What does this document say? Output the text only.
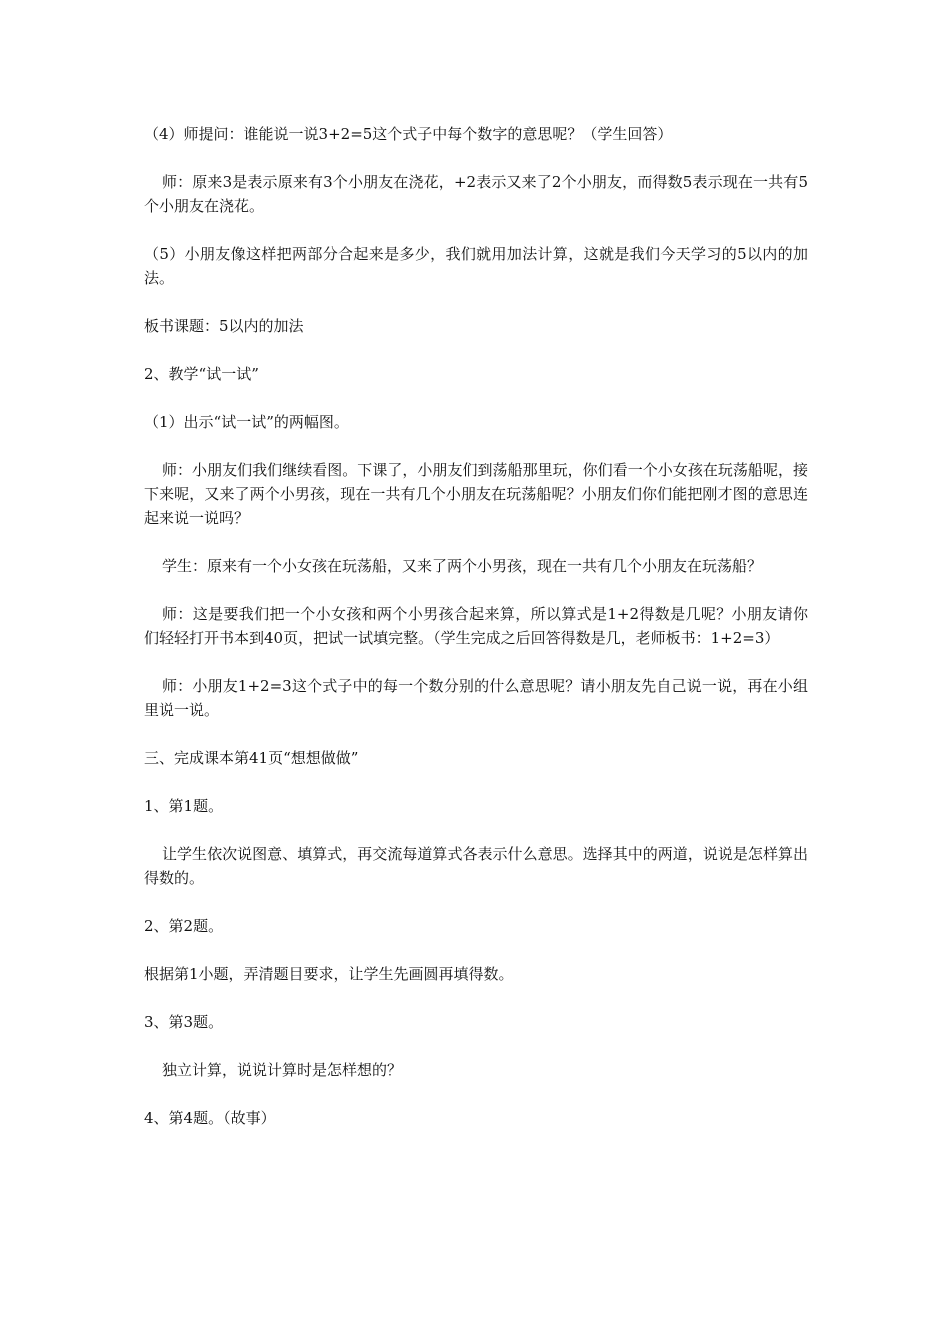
（4）师提问：谁能说一说3+2=5这个式子中每个数字的意思呢？（学生回答）

师：原来3是表示原来有3个小朋友在浇花，+2表示又来了2个小朋友，而得数5表示现在一共有5个小朋友在浇花。

（5）小朋友像这样把两部分合起来是多少，我们就用加法计算，这就是我们今天学习的5以内的加法。

板书课题：5以内的加法

2、教学“试一试”

（1）出示“试一试”的两幅图。

师：小朋友们我们继续看图。下课了，小朋友们到荡船那里玩，你们看一个小女孩在玩荡船呢，接下来呢，又来了两个小男孩，现在一共有几个小朋友在玩荡船呢？小朋友们你们能把刚才图的意思连起来说一说吗？

学生：原来有一个小女孩在玩荡船，又来了两个小男孩，现在一共有几个小朋友在玩荡船？

师：这是要我们把一个小女孩和两个小男孩合起来算，所以算式是1+2得数是几呢？小朋友请你们轻轻打开书本到40页，把试一试填完整。（学生完成之后回答得数是几，老师板书：1+2=3）

师：小朋友1+2=3这个式子中的每一个数分别的什么意思呢？请小朋友先自己说一说，再在小组里说一说。

三、完成课本第41页“想想做做”

1、第1题。

让学生依次说图意、填算式，再交流每道算式各表示什么意思。选择其中的两道，说说是怎样算出得数的。

2、第2题。

根据第1小题，弄清题目要求，让学生先画圆再填得数。

3、第3题。

独立计算，说说计算时是怎样想的？

4、第4题。（故事）
